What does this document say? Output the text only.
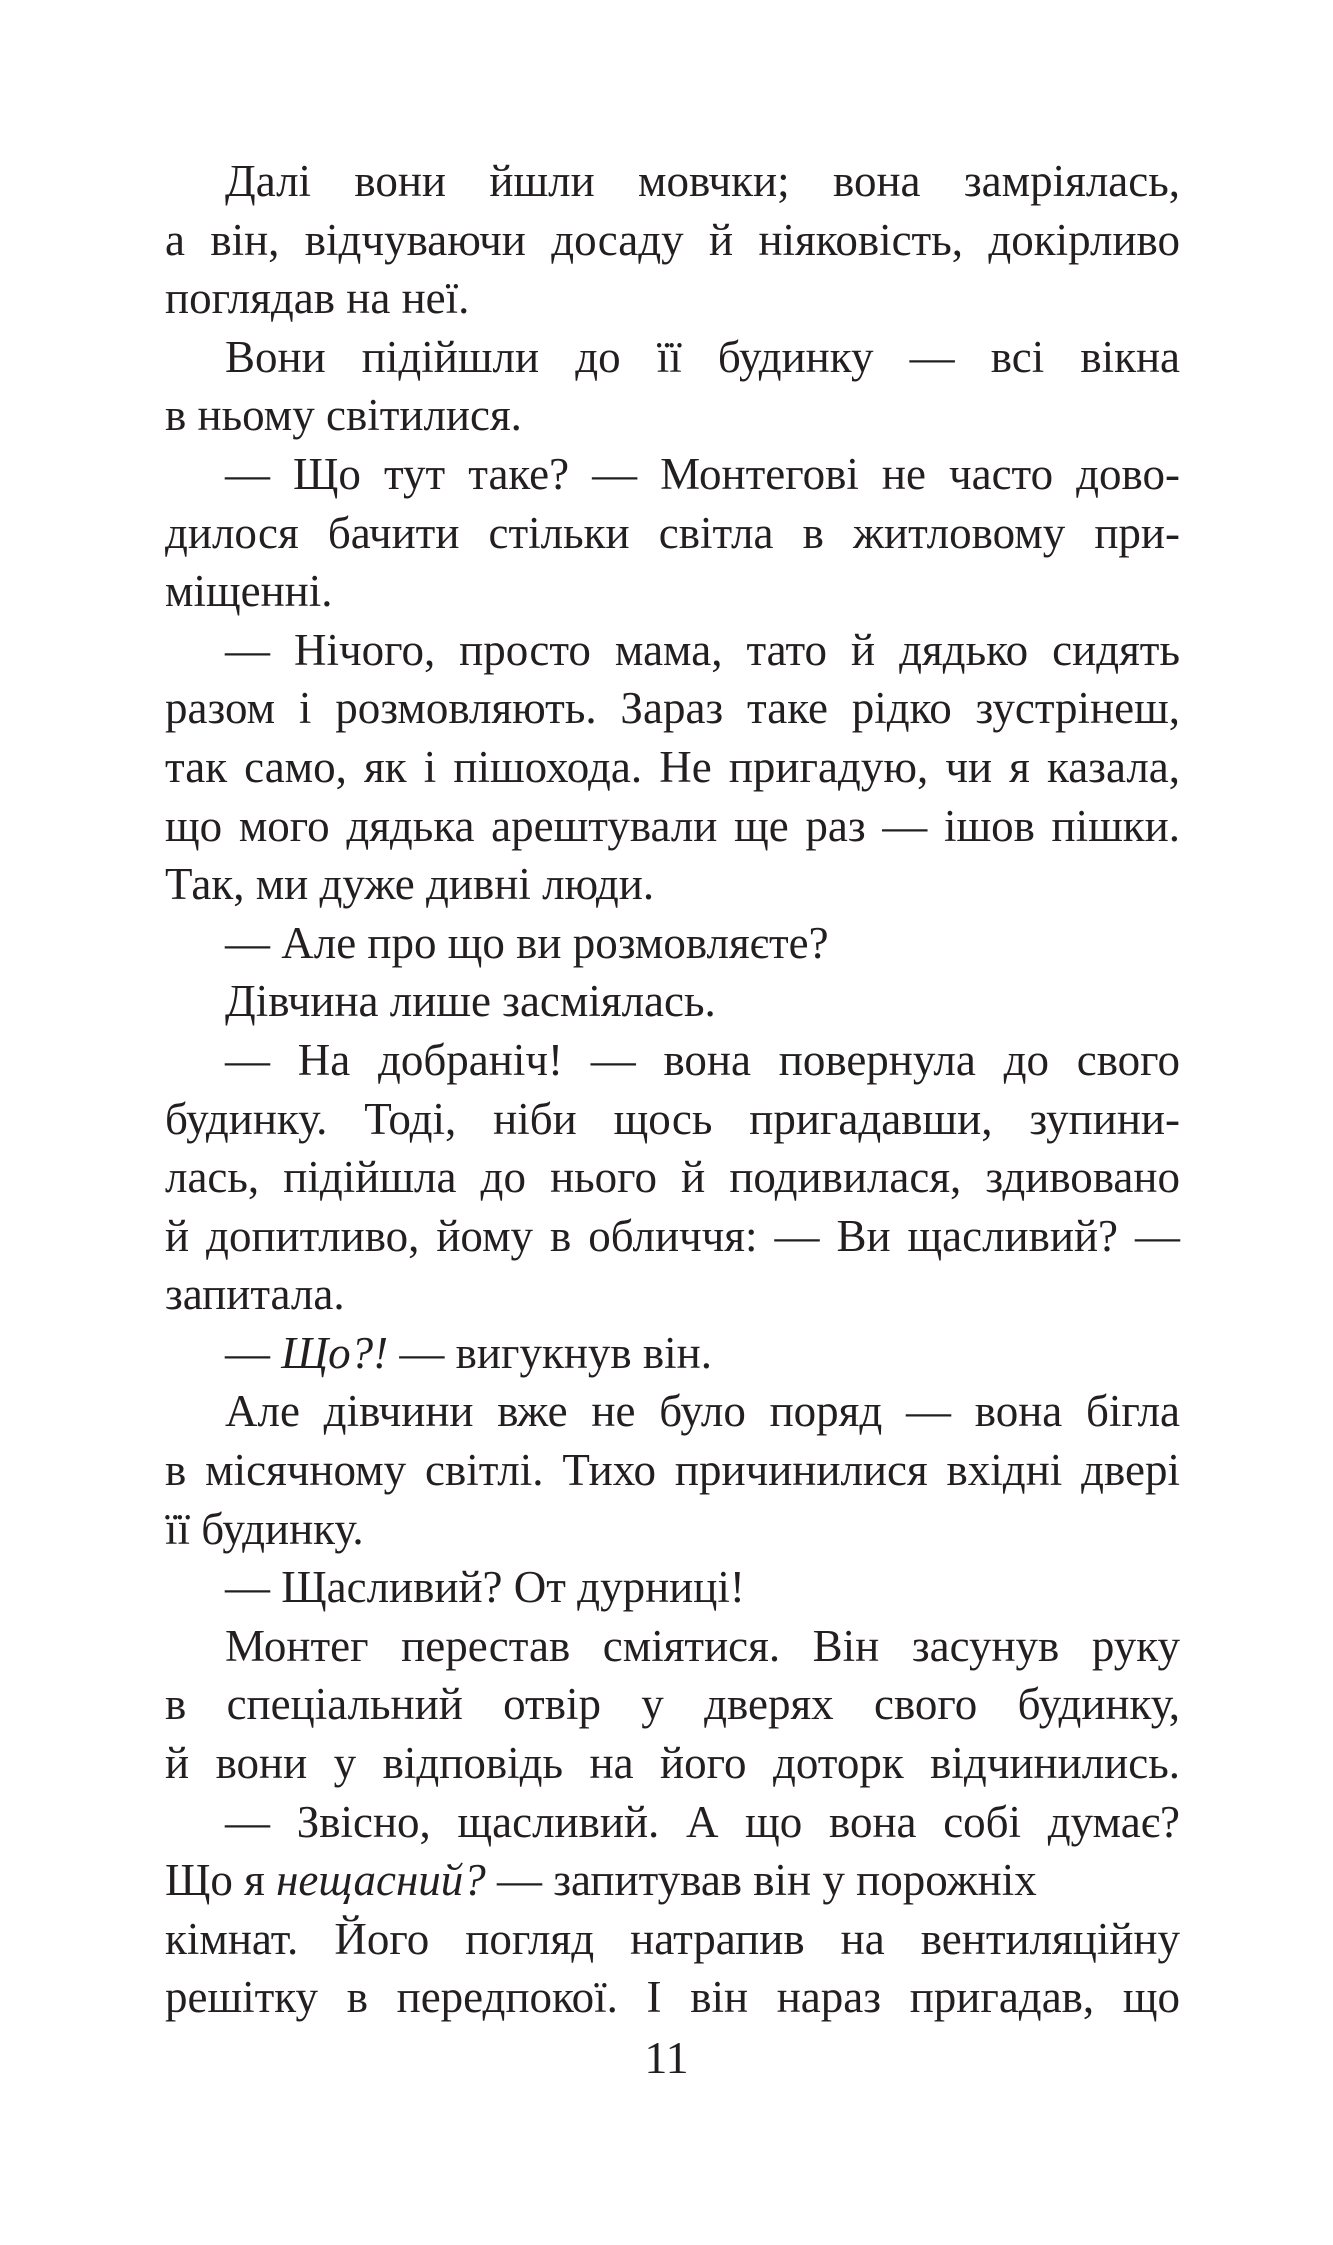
Далі вони йшли мовчки; вона замріялась,
а він, відчуваючи досаду й ніяковість, докірливо
поглядав на неї.
Вони підійшли до її будинку — всі вікна
в ньому світилися.
— Що тут таке? — Монтегові не часто дово-
дилося бачити стільки світла в житловому при-
міщенні.
— Нічого, просто мама, тато й дядько сидять
разом і розмовляють. Зараз таке рідко зустрінеш,
так само, як і пішохода. Не пригадую, чи я казала,
що мого дядька арештували ще раз — ішов пішки.
Так, ми дуже дивні люди.
— Але про що ви розмовляєте?
Дівчина лише засміялась.
— На добраніч! — вона повернула до свого
будинку. Тоді, ніби щось пригадавши, зупини-
лась, підійшла до нього й подивилася, здивовано
й допитливо, йому в обличчя: — Ви щасливий? —
запитала.
— Що?! — вигукнув він.
Але дівчини вже не було поряд — вона бігла
в місячному світлі. Тихо причинилися вхідні двері
її будинку.
— Щасливий? От дурниці!
Монтег перестав сміятися. Він засунув руку
в спеціальний отвір у дверях свого будинку,
й вони у відповідь на його доторк відчинились.
— Звісно, щасливий. А що вона собі думає?
Що я нещасний? — запитував він у порожніх
кімнат. Його погляд натрапив на вентиляційну
решітку в передпокої. І він нараз пригадав, що
11
